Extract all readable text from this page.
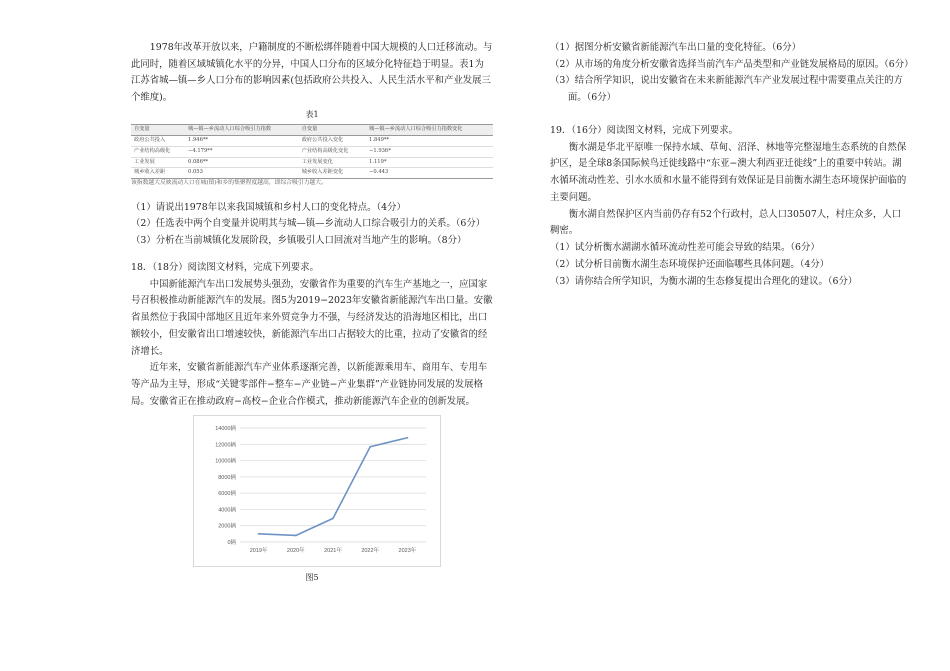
1978年改革开放以来，户籍制度的不断松绑伴随着中国大规模的人口迁移流动。与此同时，随着区域城镇化水平的分异，中国人口分布的区域分化特征趋于明显。表1为江苏省城—镇—乡人口分布的影响因素(包括政府公共投入、人民生活水平和产业发展三个维度)。

表1

自变量	城—镇—乡流动人口综合吸引力指数	自变量	城—镇—乡流动人口综合吸引力指数变化
政府公共投入	1.946**	政府公共投入变化	1.849**
产业结构高级化	−4.179**	产业结构高级化变化	−1.936*
工业发展	0.086**	工业发展变化	1.119*
城乡收入差距	0.053	城乡收入差距变化	−0.443

该指数越大反映流动人口在城(镇)和乡的集聚程度越高，即综合吸引力越大。

（1）请说出1978年以来我国城镇和乡村人口的变化特点。（4分）

（2）任选表中两个自变量并说明其与城—镇—乡流动人口综合吸引力的关系。（6分）

（3）分析在当前城镇化发展阶段，乡镇吸引人口回流对当地产生的影响。（8分）

18．（18分）阅读图文材料，完成下列要求。

中国新能源汽车出口发展势头强劲，安徽省作为重要的汽车生产基地之一，应国家号召积极推动新能源汽车的发展。图5为2019−2023年安徽省新能源汽车出口量。安徽省虽然位于我国中部地区且近年来外贸竞争力不强，与经济发达的沿海地区相比，出口额较小，但安徽省出口增速较快，新能源汽车出口占据较大的比重，拉动了安徽省的经济增长。

近年来，安徽省新能源汽车产业体系逐渐完善，以新能源乘用车、商用车、专用车等产品为主导，形成“关键零部件−整车−产业链−产业集群”产业链协同发展的发展格局。安徽省正在推动政府−高校−企业合作模式，推动新能源汽车企业的创新发展。

0辆
2000辆
4000辆
6000辆
8000辆
10000辆
12000辆
14000辆
2019年	2020年	2021年	2022年	2023年

图5

（1）据图分析安徽省新能源汽车出口量的变化特征。（6分）

（2）从市场的角度分析安徽省选择当前汽车产品类型和产业链发展格局的原因。（6分）

（3）结合所学知识，说出安徽省在未来新能源汽车产业发展过程中需要重点关注的方面。（6分）

19．（16分）阅读图文材料，完成下列要求。

衡水湖是华北平原唯一保持水域、草甸、沼泽、林地等完整湿地生态系统的自然保护区，是全球8条国际候鸟迁徙线路中“东亚−澳大利西亚迁徙线”上的重要中转站。湖水循环流动性差、引水水质和水量不能得到有效保证是目前衡水湖生态环境保护面临的主要问题。

衡水湖自然保护区内当前仍存有52个行政村，总人口30507人，村庄众多，人口稠密。

（1）试分析衡水湖湖水循环流动性差可能会导致的结果。（6分）

（2）试分析目前衡水湖生态环境保护还面临哪些具体问题。（4分）

（3）请你结合所学知识，为衡水湖的生态修复提出合理化的建议。（6分）
